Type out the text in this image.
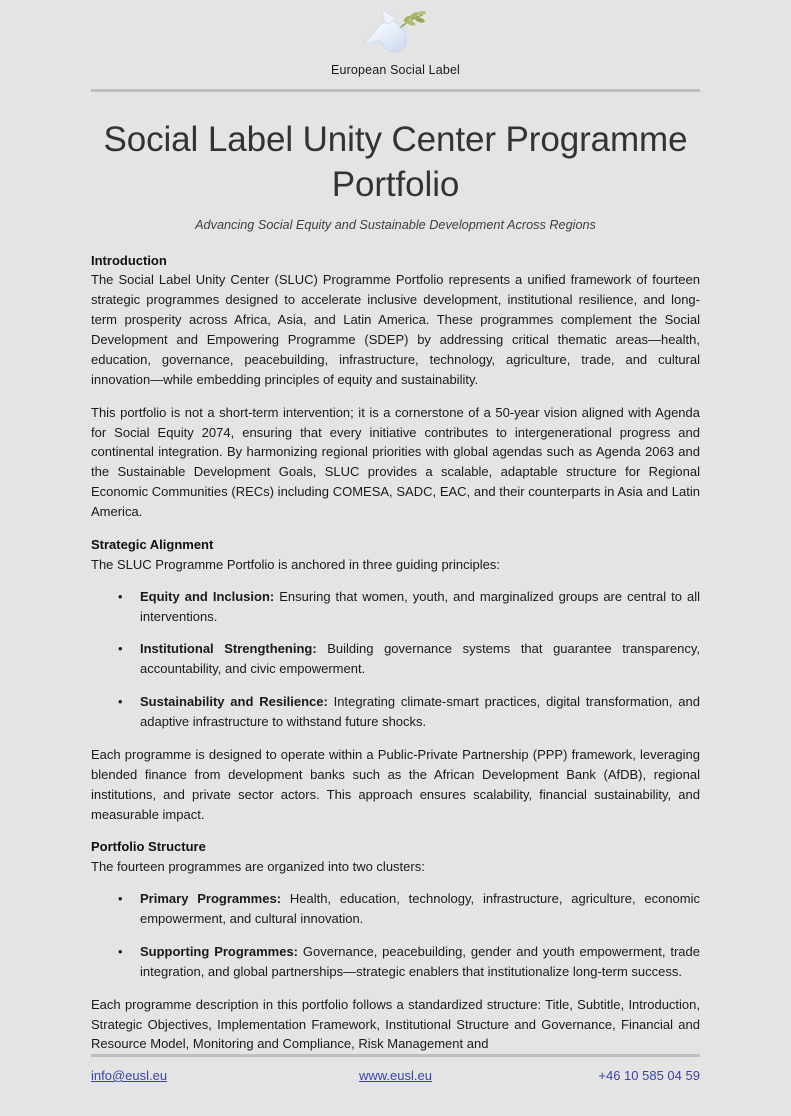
European Social Label
Social Label Unity Center Programme Portfolio
Advancing Social Equity and Sustainable Development Across Regions
Introduction

The Social Label Unity Center (SLUC) Programme Portfolio represents a unified framework of fourteen strategic programmes designed to accelerate inclusive development, institutional resilience, and long-term prosperity across Africa, Asia, and Latin America. These programmes complement the Social Development and Empowering Programme (SDEP) by addressing critical thematic areas—health, education, governance, peacebuilding, infrastructure, technology, agriculture, trade, and cultural innovation—while embedding principles of equity and sustainability.

This portfolio is not a short-term intervention; it is a cornerstone of a 50-year vision aligned with Agenda for Social Equity 2074, ensuring that every initiative contributes to intergenerational progress and continental integration. By harmonizing regional priorities with global agendas such as Agenda 2063 and the Sustainable Development Goals, SLUC provides a scalable, adaptable structure for Regional Economic Communities (RECs) including COMESA, SADC, EAC, and their counterparts in Asia and Latin America.

Strategic Alignment

The SLUC Programme Portfolio is anchored in three guiding principles:

• Equity and Inclusion: Ensuring that women, youth, and marginalized groups are central to all interventions.
• Institutional Strengthening: Building governance systems that guarantee transparency, accountability, and civic empowerment.
• Sustainability and Resilience: Integrating climate-smart practices, digital transformation, and adaptive infrastructure to withstand future shocks.

Each programme is designed to operate within a Public-Private Partnership (PPP) framework, leveraging blended finance from development banks such as the African Development Bank (AfDB), regional institutions, and private sector actors. This approach ensures scalability, financial sustainability, and measurable impact.

Portfolio Structure

The fourteen programmes are organized into two clusters:

• Primary Programmes: Health, education, technology, infrastructure, agriculture, economic empowerment, and cultural innovation.
• Supporting Programmes: Governance, peacebuilding, gender and youth empowerment, trade integration, and global partnerships—strategic enablers that institutionalize long-term success.

Each programme description in this portfolio follows a standardized structure: Title, Subtitle, Introduction, Strategic Objectives, Implementation Framework, Institutional Structure and Governance, Financial and Resource Model, Monitoring and Compliance, Risk Management and

info@eusl.eu	www.eusl.eu	+46 10 585 04 59
